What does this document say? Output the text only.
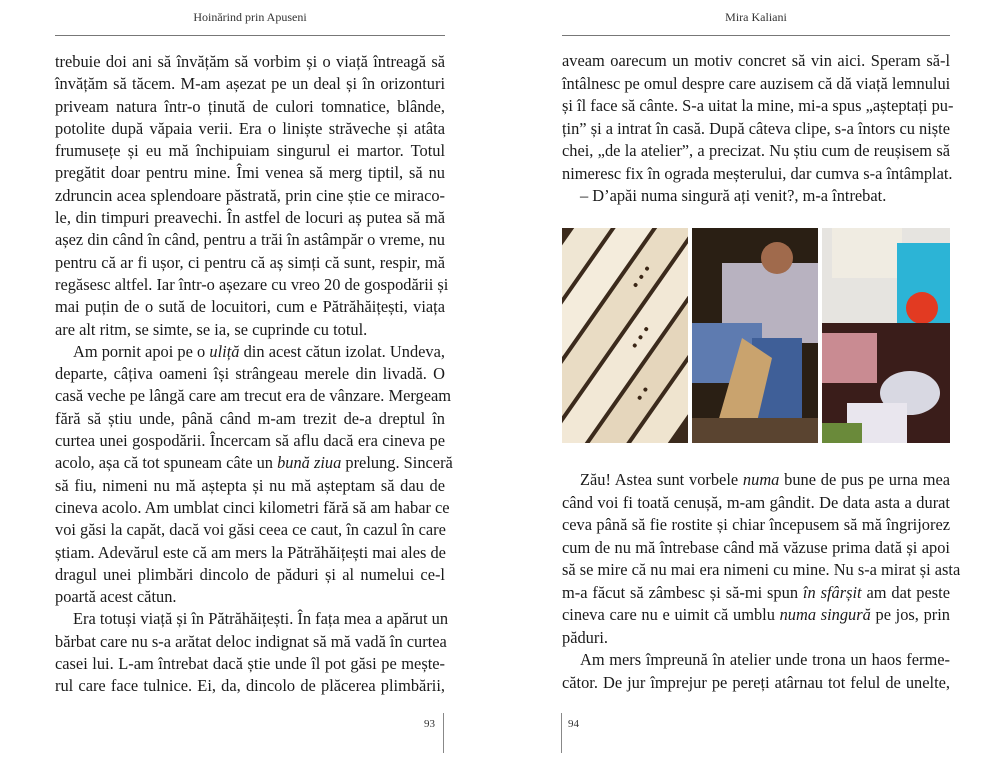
Hoinărind prin Apuseni
trebuie doi ani să învățăm să vorbim și o viață întreagă să
învățăm să tăcem. M-am așezat pe un deal și în orizonturi
priveam natura într-o ținută de culori tomnatice, blânde,
potolite după văpaia verii. Era o liniște străveche și atâta
frumusețe și eu mă închipuiam singurul ei martor. Totul
pregătit doar pentru mine. Îmi venea să merg tiptil, să nu
zdruncin acea splendoare păstrată, prin cine știe ce miraco-
le, din timpuri preavechi. În astfel de locuri aș putea să mă
așez din când în când, pentru a trăi în astâmpăr o vreme, nu
pentru că ar fi ușor, ci pentru că aș simți că sunt, respir, mă
regăsesc altfel. Iar într-o așezare cu vreo 20 de gospodării și
mai puțin de o sută de locuitori, cum e Pătrăhăițești, viața
are alt ritm, se simte, se ia, se cuprinde cu totul.
Am pornit apoi pe o uliță din acest cătun izolat. Undeva,
departe, câțiva oameni își strângeau merele din livadă. O
casă veche pe lângă care am trecut era de vânzare. Mergeam
fără să știu unde, până când m-am trezit de-a dreptul în
curtea unei gospodării. Încercam să aflu dacă era cineva pe
acolo, așa că tot spuneam câte un bună ziua prelung. Sinceră
să fiu, nimeni nu mă aștepta și nu mă așteptam să dau de
cineva acolo. Am umblat cinci kilometri fără să am habar ce
voi găsi la capăt, dacă voi găsi ceea ce caut, în cazul în care
știam. Adevărul este că am mers la Pătrăhăițești mai ales de
dragul unei plimbări dincolo de păduri și al numelui ce-l
poartă acest cătun.
Era totuși viață și în Pătrăhăițești. În fața mea a apărut un
bărbat care nu s-a arătat deloc indignat să mă vadă în curtea
casei lui. L-am întrebat dacă știe unde îl pot găsi pe mește-
rul care face tulnice. Ei, da, dincolo de plăcerea plimbării,
93
Mira Kaliani
aveam oarecum un motiv concret să vin aici. Speram să-l
întâlnesc pe omul despre care auzisem că dă viață lemnului
și îl face să cânte. S-a uitat la mine, mi-a spus „așteptați pu-
țin” și a intrat în casă. După câteva clipe, s-a întors cu niște
chei, „de la atelier”, a precizat. Nu știu cum de reușisem să
nimeresc fix în ograda meșterului, dar cumva s-a întâmplat.
– D’apăi numa singură ați venit?, m-a întrebat.
Zău! Astea sunt vorbele numa bune de pus pe urna mea
când voi fi toată cenușă, m-am gândit. De data asta a durat
ceva până să fie rostite și chiar începusem să mă îngrijorez
cum de nu mă întrebase când mă văzuse prima dată și apoi
să se mire că nu mai era nimeni cu mine. Nu s-a mirat și asta
m-a făcut să zâmbesc și să-mi spun în sfârșit am dat peste
cineva care nu e uimit că umblu numa singură pe jos, prin
păduri.
Am mers împreună în atelier unde trona un haos ferme-
cător. De jur împrejur pe pereți atârnau tot felul de unelte,
94
